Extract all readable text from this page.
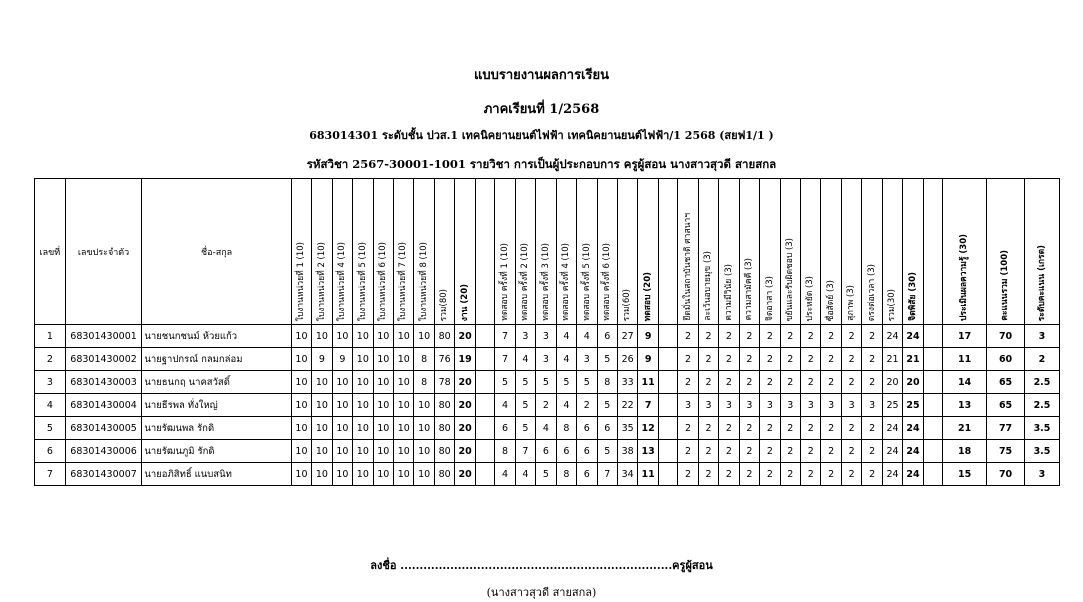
แบบรายงานผลการเรียน
ภาคเรียนที่ 1/2568
683014301 ระดับชั้น ปวส.1 เทคนิคยานยนต์ไฟฟ้า เทคนิคยานยนต์ไฟฟ้า/1 2568 (สยฟ1/1 )
รหัสวิชา 2567-30001-1001 รายวิชา การเป็นผู้ประกอบการ ครูผู้สอน นางสาวสุวดี สายสกล
เลขที่	เลขประจำตัว	ชื่อ-สกุล	ใบงานหน่วยที่ 1 (10)	ใบงานหน่วยที่ 2 (10)	ใบงานหน่วยที่ 4 (10)	ใบงานหน่วยที่ 5 (10)	ใบงานหน่วยที่ 6 (10)	ใบงานหน่วยที่ 7 (10)	ใบงานหน่วยที่ 8 (10)	รวม(80)	งาน (20)		ทดสอบ ครั้งที่ 1 (10)	ทดสอบ ครั้งที่ 2 (10)	ทดสอบ ครั้งที่ 3 (10)	ทดสอบ ครั้งที่ 4 (10)	ทดสอบ ครั้งที่ 5 (10)	ทดสอบ ครั้งที่ 6 (10)	รวม(60)	ทดสอบ (20)		ยึดมั่นในสถาบันชาติ ศาสนาฯ	ละเว้นอบายมุข (3)	ความมีวินัย (3)	ความสามัคคี (3)	จิตอาสา (3)	ขยันและรับผิดชอบ (3)	ประหยัด (3)	ซื่อสัตย์ (3)	สุภาพ (3)	ตรงต่อเวลา (3)	รวม(30)	จิตพิสัย (30)		ประเมินผลความรู้ (30)	คะแนนรวม (100)	ระดับคะแนน (เกรด)
1	68301430001	นายชนกชนม์ ห้วยแก้ว	10	10	10	10	10	10	10	80	20		7	3	3	4	4	6	27	9		2	2	2	2	2	2	2	2	2	2	24	24		17	70	3
2	68301430002	นายฐาปกรณ์ กลมกล่อม	10	9	9	10	10	10	8	76	19		7	4	3	4	3	5	26	9		2	2	2	2	2	2	2	2	2	2	21	21		11	60	2
3	68301430003	นายธนกฤ นาคสวัสดิ์	10	10	10	10	10	10	8	78	20		5	5	5	5	5	8	33	11		2	2	2	2	2	2	2	2	2	2	20	20		14	65	2.5
4	68301430004	นายธีรพล ทั่งใหญ่	10	10	10	10	10	10	10	80	20		4	5	2	4	2	5	22	7		3	3	3	3	3	3	3	3	3	3	25	25		13	65	2.5
5	68301430005	นายรัฒนพล รักดิ	10	10	10	10	10	10	10	80	20		6	5	4	8	6	6	35	12		2	2	2	2	2	2	2	2	2	2	24	24		21	77	3.5
6	68301430006	นายรัฒนภูมิ รักดิ	10	10	10	10	10	10	10	80	20		8	7	6	6	6	5	38	13		2	2	2	2	2	2	2	2	2	2	24	24		18	75	3.5
7	68301430007	นายอภิสิทธิ์ แนบสนิท	10	10	10	10	10	10	10	80	20		4	4	5	8	6	7	34	11		2	2	2	2	2	2	2	2	2	2	24	24		15	70	3
ลงชื่อ .......................................................................ครูผู้สอน
(นางสาวสุวดี สายสกล)
